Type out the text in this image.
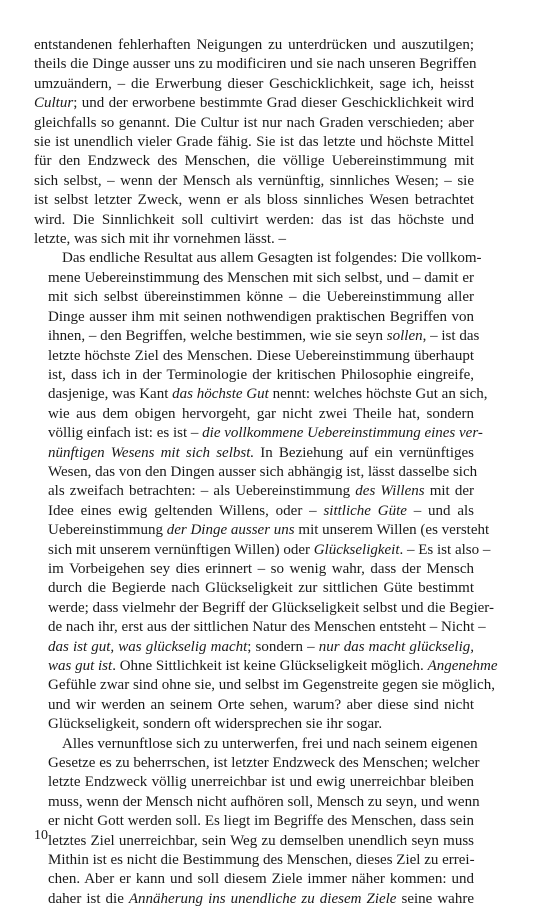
entstandenen fehlerhaften Neigungen zu unterdrücken und auszutilgen;
theils die Dinge ausser uns zu modificiren und sie nach unseren Begriffen
umzuändern, – die Erwerbung dieser Geschicklichkeit, sage ich, heisst
Cultur; und der erworbene bestimmte Grad dieser Geschicklichkeit wird
gleichfalls so genannt. Die Cultur ist nur nach Graden verschieden; aber
sie ist unendlich vieler Grade fähig. Sie ist das letzte und höchste Mittel
für den Endzweck des Menschen, die völlige Uebereinstimmung mit
sich selbst, – wenn der Mensch als vernünftig, sinnliches Wesen; – sie
ist selbst letzter Zweck, wenn er als bloss sinnliches Wesen betrachtet
wird. Die Sinnlichkeit soll cultivirt werden: das ist das höchste und
letzte, was sich mit ihr vornehmen lässt. –
Das endliche Resultat aus allem Gesagten ist folgendes: Die vollkom-
mene Uebereinstimmung des Menschen mit sich selbst, und – damit er
mit sich selbst übereinstimmen könne – die Uebereinstimmung aller
Dinge ausser ihm mit seinen nothwendigen praktischen Begriffen von
ihnen, – den Begriffen, welche bestimmen, wie sie seyn sollen, – ist das
letzte höchste Ziel des Menschen. Diese Uebereinstimmung überhaupt
ist, dass ich in der Terminologie der kritischen Philosophie eingreife,
dasjenige, was Kant das höchste Gut nennt: welches höchste Gut an sich,
wie aus dem obigen hervorgeht, gar nicht zwei Theile hat, sondern
völlig einfach ist: es ist – die vollkommene Uebereinstimmung eines ver-
nünftigen Wesens mit sich selbst. In Beziehung auf ein vernünftiges
Wesen, das von den Dingen ausser sich abhängig ist, lässt dasselbe sich
als zweifach betrachten: – als Uebereinstimmung des Willens mit der
Idee eines ewig geltenden Willens, oder – sittliche Güte – und als
Uebereinstimmung der Dinge ausser uns mit unserem Willen (es versteht
sich mit unserem vernünftigen Willen) oder Glückseligkeit. – Es ist also –
im Vorbeigehen sey dies erinnert – so wenig wahr, dass der Mensch
durch die Begierde nach Glückseligkeit zur sittlichen Güte bestimmt
werde; dass vielmehr der Begriff der Glückseligkeit selbst und die Begier-
de nach ihr, erst aus der sittlichen Natur des Menschen entsteht – Nicht –
das ist gut, was glückselig macht; sondern – nur das macht glückselig,
was gut ist. Ohne Sittlichkeit ist keine Glückseligkeit möglich. Angenehme
Gefühle zwar sind ohne sie, und selbst im Gegenstreite gegen sie möglich,
und wir werden an seinem Orte sehen, warum? aber diese sind nicht
Glückseligkeit, sondern oft widersprechen sie ihr sogar.
Alles vernunftlose sich zu unterwerfen, frei und nach seinem eigenen
Gesetze es zu beherrschen, ist letzter Endzweck des Menschen; welcher
letzte Endzweck völlig unerreichbar ist und ewig unerreichbar bleiben
muss, wenn der Mensch nicht aufhören soll, Mensch zu seyn, und wenn
er nicht Gott werden soll. Es liegt im Begriffe des Menschen, dass sein
letztes Ziel unerreichbar, sein Weg zu demselben unendlich seyn muss
Mithin ist es nicht die Bestimmung des Menschen, dieses Ziel zu errei-
chen. Aber er kann und soll diesem Ziele immer näher kommen: und
daher ist die Annäherung ins unendliche zu diesem Ziele seine wahre
10
